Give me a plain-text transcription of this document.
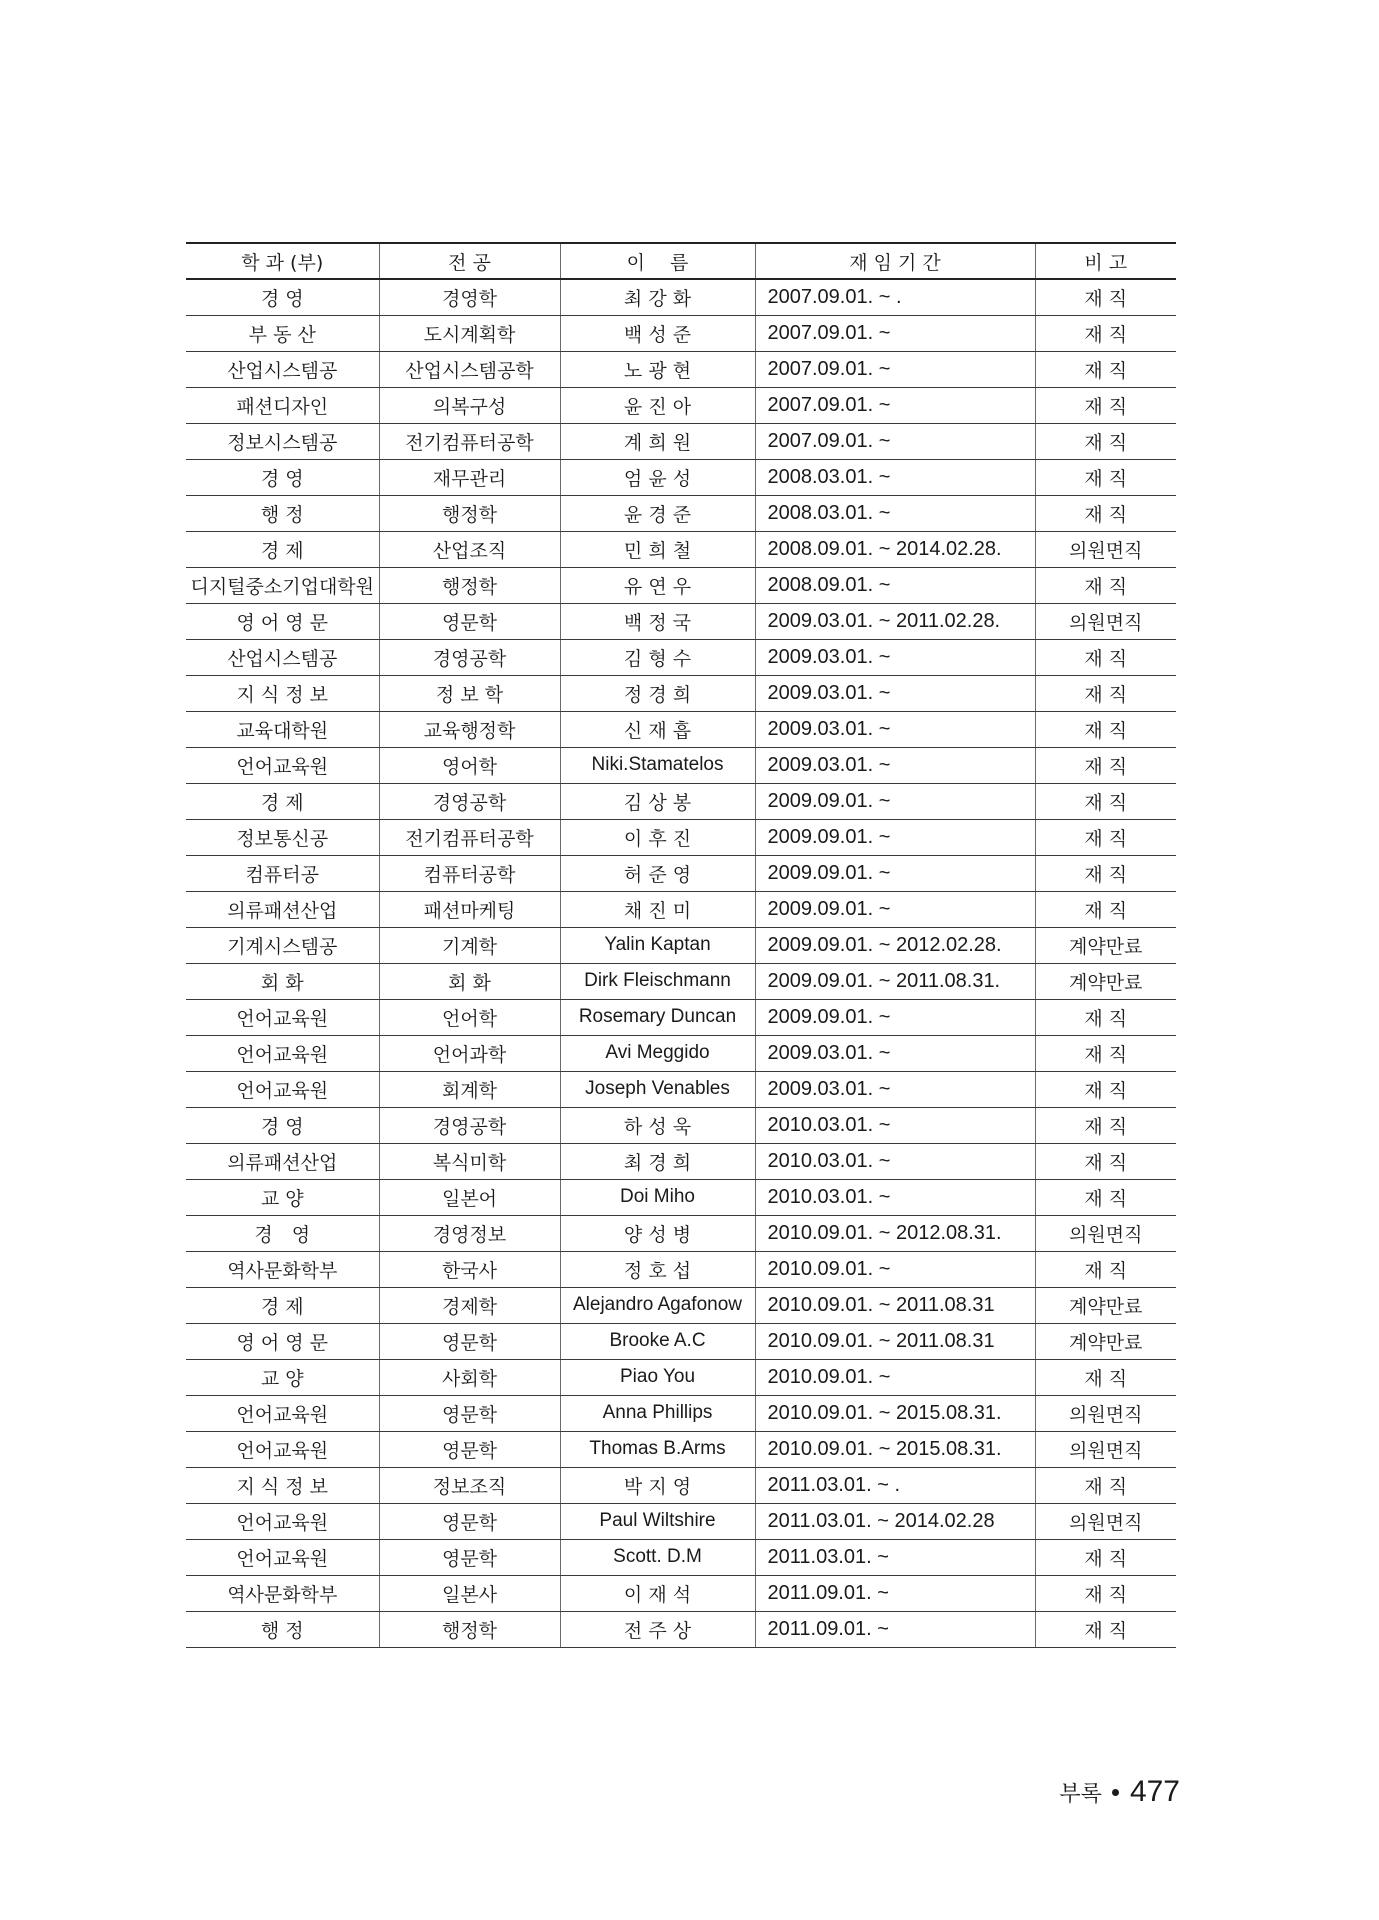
학 과 (부)	전 공	이　 름	재 임 기 간	비 고
경 영	경영학	최 강 화	2007.09.01. ~ .	재 직
부 동 산	도시계획학	백 성 준	2007.09.01. ~	재 직
산업시스템공	산업시스템공학	노 광 현	2007.09.01. ~	재 직
패션디자인	의복구성	윤 진 아	2007.09.01. ~	재 직
정보시스템공	전기컴퓨터공학	계 희 원	2007.09.01. ~	재 직
경 영	재무관리	엄 윤 성	2008.03.01. ~	재 직
행 정	행정학	윤 경 준	2008.03.01. ~	재 직
경 제	산업조직	민 희 철	2008.09.01. ~ 2014.02.28.	의원면직
디지털중소기업대학원	행정학	유 연 우	2008.09.01. ~	재 직
영 어 영 문	영문학	백 정 국	2009.03.01. ~ 2011.02.28.	의원면직
산업시스템공	경영공학	김 형 수	2009.03.01. ~	재 직
지 식 정 보	정 보 학	정 경 희	2009.03.01. ~	재 직
교육대학원	교육행정학	신 재 흡	2009.03.01. ~	재 직
언어교육원	영어학	Niki.Stamatelos	2009.03.01. ~	재 직
경 제	경영공학	김 상 봉	2009.09.01. ~	재 직
정보통신공	전기컴퓨터공학	이 후 진	2009.09.01. ~	재 직
컴퓨터공	컴퓨터공학	허 준 영	2009.09.01. ~	재 직
의류패션산업	패션마케팅	채 진 미	2009.09.01. ~	재 직
기계시스템공	기계학	Yalin Kaptan	2009.09.01. ~ 2012.02.28.	계약만료
회 화	회 화	Dirk Fleischmann	2009.09.01. ~ 2011.08.31.	계약만료
언어교육원	언어학	Rosemary Duncan	2009.09.01. ~	재 직
언어교육원	언어과학	Avi Meggido	2009.03.01. ~	재 직
언어교육원	회계학	Joseph Venables	2009.03.01. ~	재 직
경 영	경영공학	하 성 욱	2010.03.01. ~	재 직
의류패션산업	복식미학	최 경 희	2010.03.01. ~	재 직
교 양	일본어	Doi Miho	2010.03.01. ~	재 직
경　영	경영정보	양 성 병	2010.09.01. ~ 2012.08.31.	의원면직
역사문화학부	한국사	정 호 섭	2010.09.01. ~	재 직
경 제	경제학	Alejandro Agafonow	2010.09.01. ~ 2011.08.31	계약만료
영 어 영 문	영문학	Brooke A.C	2010.09.01. ~ 2011.08.31	계약만료
교 양	사회학	Piao You	2010.09.01. ~	재 직
언어교육원	영문학	Anna Phillips	2010.09.01. ~ 2015.08.31.	의원면직
언어교육원	영문학	Thomas B.Arms	2010.09.01. ~ 2015.08.31.	의원면직
지 식 정 보	정보조직	박 지 영	2011.03.01. ~ .	재 직
언어교육원	영문학	Paul Wiltshire	2011.03.01. ~ 2014.02.28	의원면직
언어교육원	영문학	Scott. D.M	2011.03.01. ~	재 직
역사문화학부	일본사	이 재 석	2011.09.01. ~	재 직
행 정	행정학	전 주 상	2011.09.01. ~	재 직
부록 477
